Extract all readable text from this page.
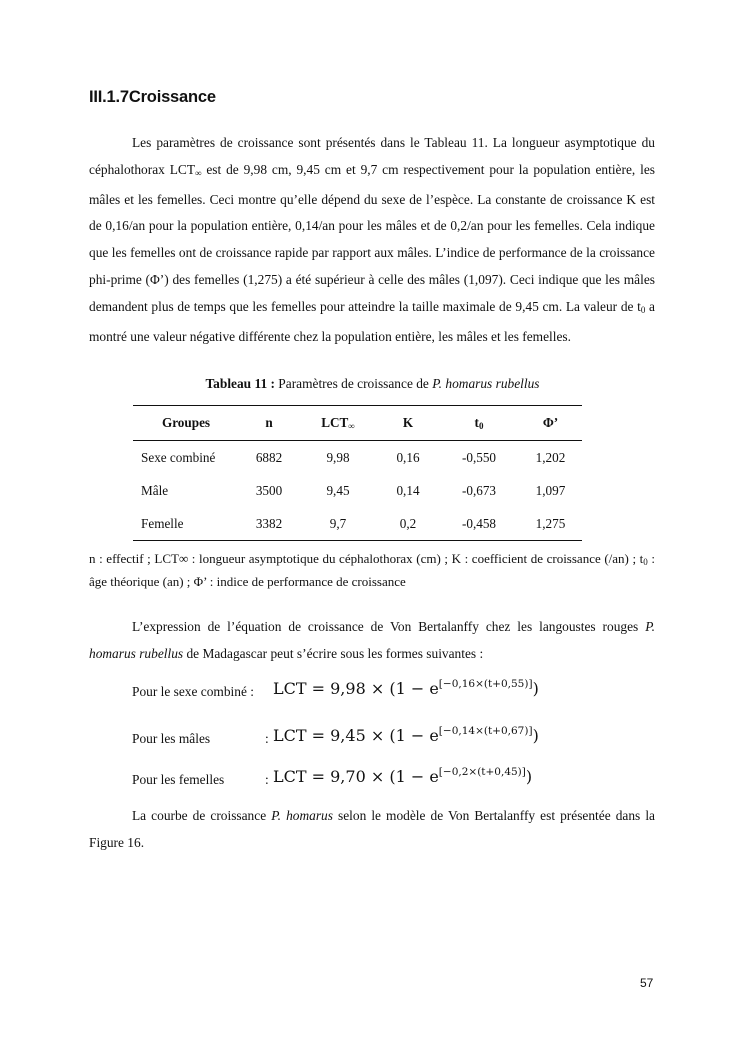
III.1.7Croissance

Les paramètres de croissance sont présentés dans le Tableau 11. La longueur asymptotique du céphalothorax $LCT_\infty$ est de 9,98 cm, 9,45 cm et 9,7 cm respectivement pour la population entière, les mâles et les femelles. Ceci montre qu’elle dépend du sexe de l’espèce. La constante de croissance K est de 0,16/an pour la population entière, 0,14/an pour les mâles et de 0,2/an pour les femelles. Cela indique que les femelles ont de croissance rapide par rapport aux mâles. L’indice de performance de la croissance phi-prime (Φ’) des femelles (1,275) a été supérieur à celle des mâles (1,097). Ceci indique que les mâles demandent plus de temps que les femelles pour atteindre la taille maximale de 9,45 cm. La valeur de $t_0$ a montré une valeur négative différente chez la population entière, les mâles et les femelles.

Tableau 11 : Paramètres de croissance de P. homarus rubellus
Groupes	n	$LCT_\infty$	K	$t_0$	Φ’
Sexe combiné	6882	9,98	0,16	-0,550	1,202
Mâle	3500	9,45	0,14	-0,673	1,097
Femelle	3382	9,7	0,2	-0,458	1,275

n : effectif ; LCT∞ : longueur asymptotique du céphalothorax (cm) ; K : coefficient de croissance (/an) ; $t_0$ : âge théorique (an) ; Φ’ : indice de performance de croissance

L’expression de l’équation de croissance de Von Bertalanffy chez les langoustes rouges P. homarus rubellus de Madagascar peut s’écrire sous les formes suivantes :

Pour le sexe combiné : LCT = 9,98 × (1 − e[−0,16×(t+0,55)])
Pour les mâles	: LCT = 9,45 × (1 − e[−0,14×(t+0,67)])
Pour les femelles	: LCT = 9,70 × (1 − e[−0,2×(t+0,45)])

La courbe de croissance P. homarus selon le modèle de Von Bertalanffy est présentée dans la Figure 16.

57
